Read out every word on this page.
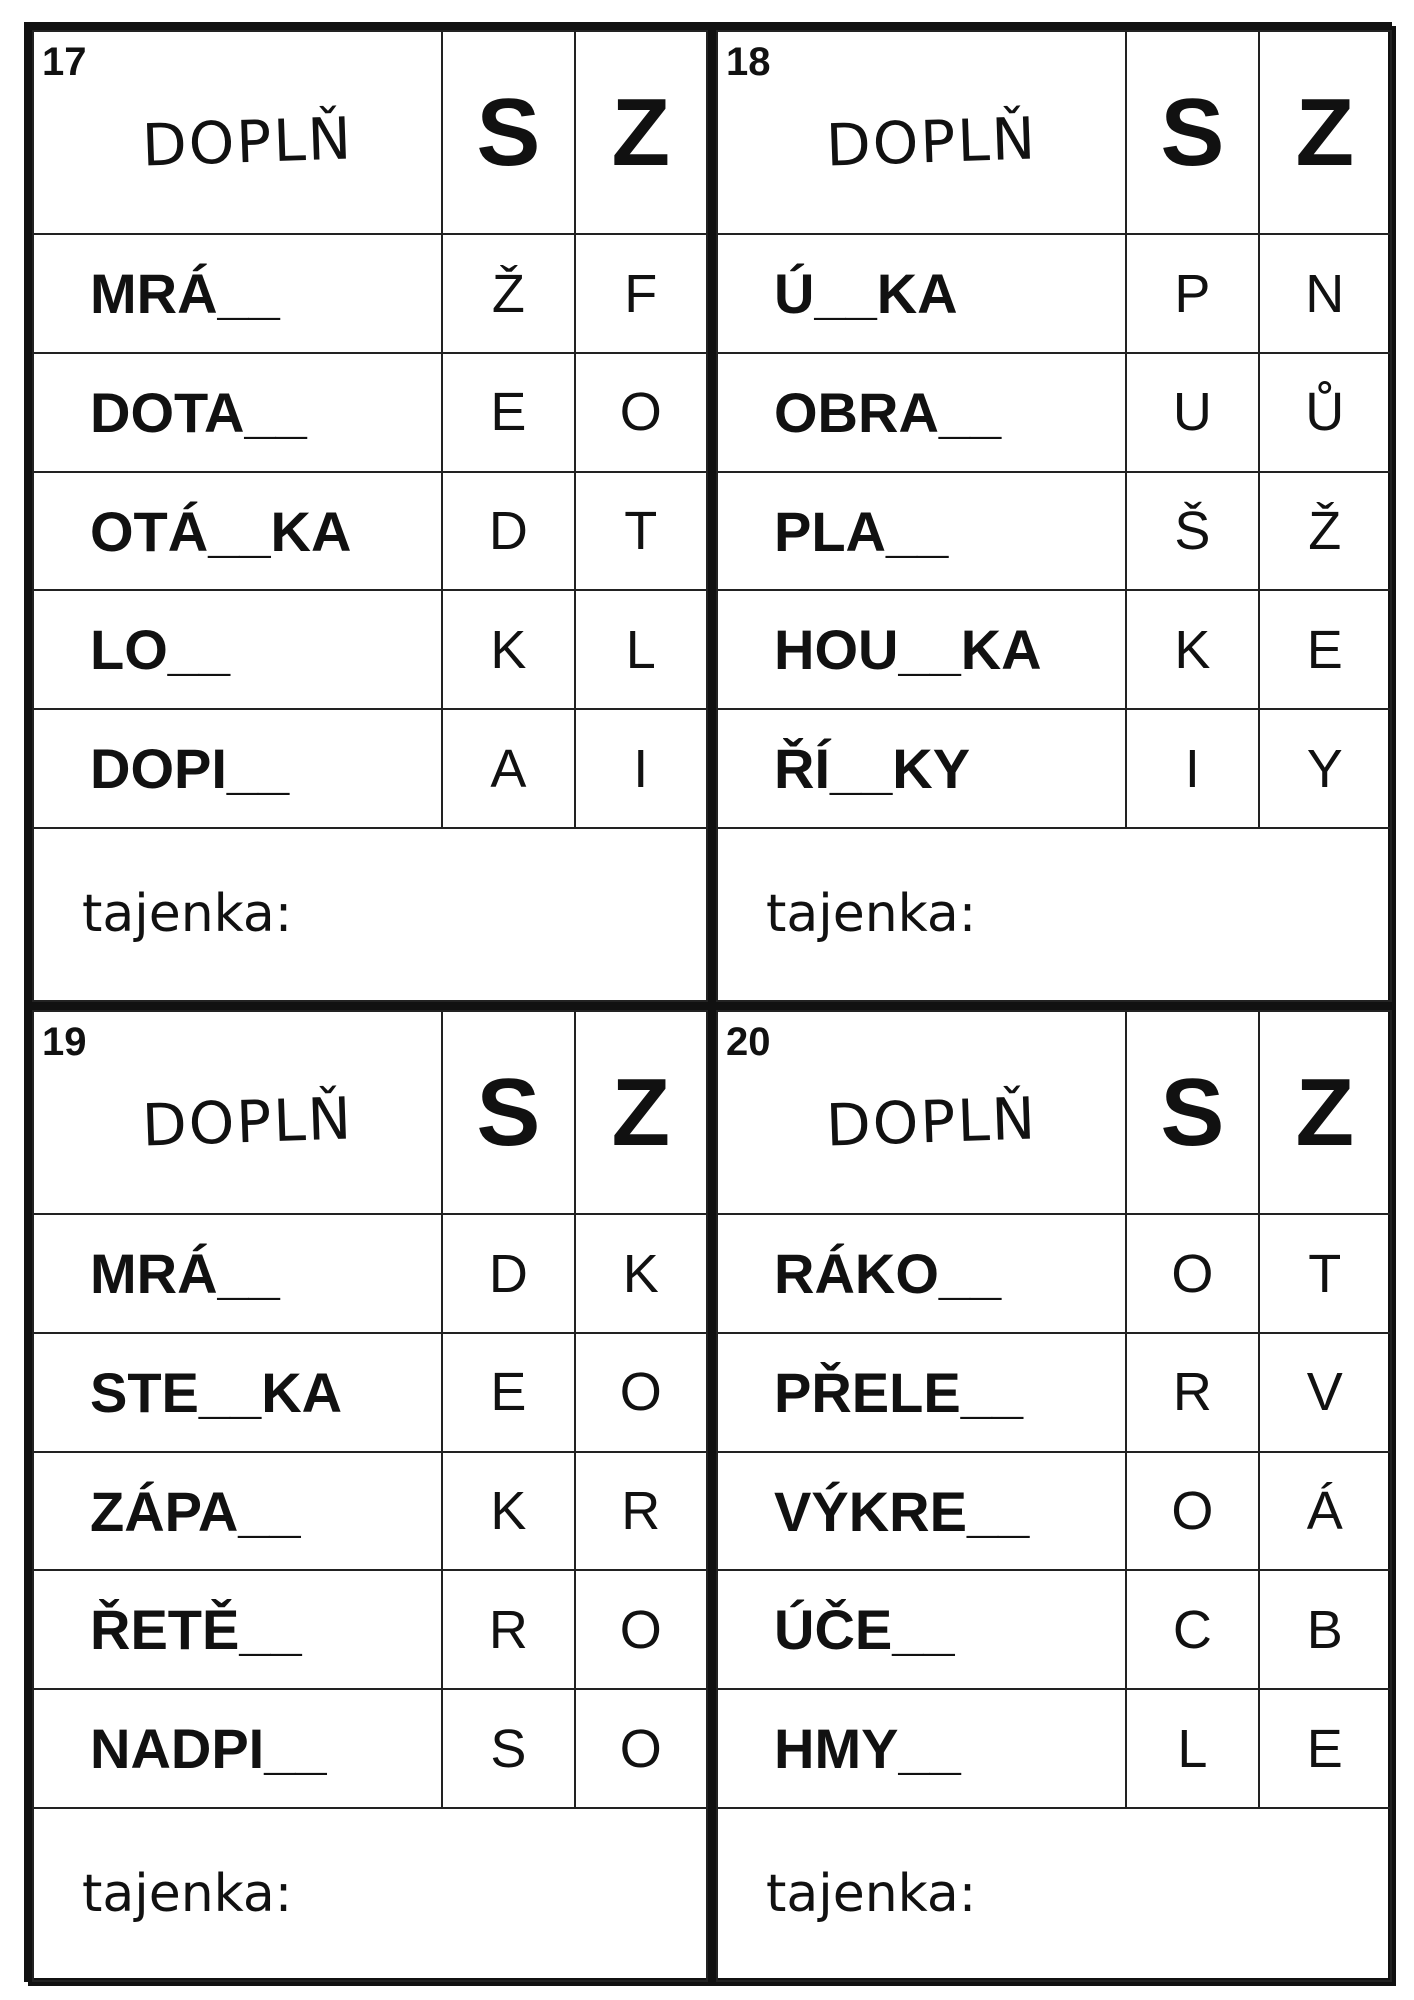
17
DOPLŇ	S	Z
MRÁ__	Ž	F
DOTA__	E	O
OTÁ__KA	D	T
LO__	K	L
DOPI__	A	I
tajenka:		
18
DOPLŇ	S	Z
Ú__KA	P	N
OBRA__	U	Ů
PLA__	Š	Ž
HOU__KA	K	E
ŘÍ__KY	I	Y
tajenka:		
19
DOPLŇ	S	Z
MRÁ__	D	K
STE__KA	E	O
ZÁPA__	K	R
ŘETĚ__	R	O
NADPI__	S	O
tajenka:		
20
DOPLŇ	S	Z
RÁKO__	O	T
PŘELE__	R	V
VÝKRE__	O	Á
ÚČE__	C	B
HMY__	L	E
tajenka:		
